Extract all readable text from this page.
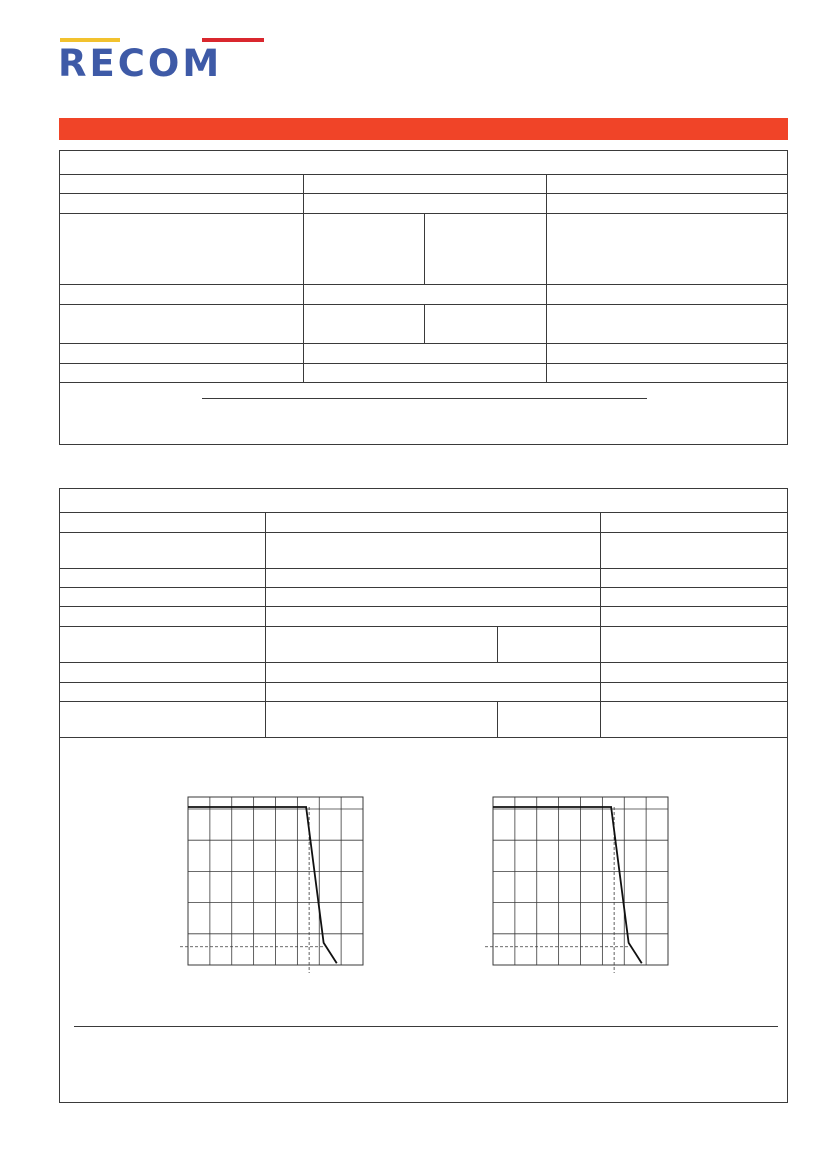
RECOM
